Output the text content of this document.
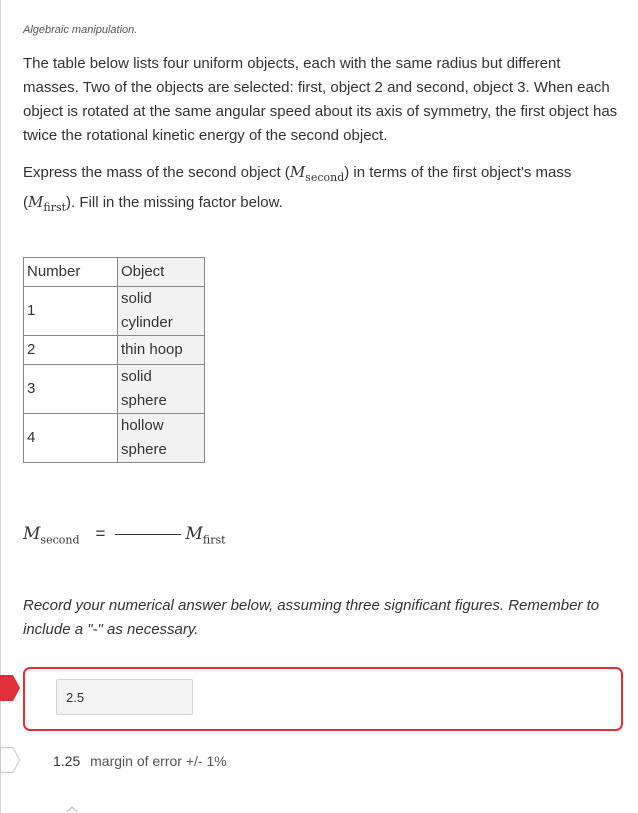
Algebraic manipulation.

The table below lists four uniform objects, each with the same radius but different masses. Two of the objects are selected: first, object 2 and second, object 3. When each object is rotated at the same angular speed about its axis of symmetry, the first object has twice the rotational kinetic energy of the second object.

Express the mass of the second object $(M_{second})$ in terms of the first object's mass $(M_{first})$. Fill in the missing factor below.

Number	Object
1	solid
cylinder
2	thin hoop
3	solid
sphere
4	hollow
sphere
$M_{second}$ =	$M_{first}$

Record your numerical answer below, assuming three significant figures. Remember to include a "-" as necessary.

2.5
1.25 margin of error +/- 1%
